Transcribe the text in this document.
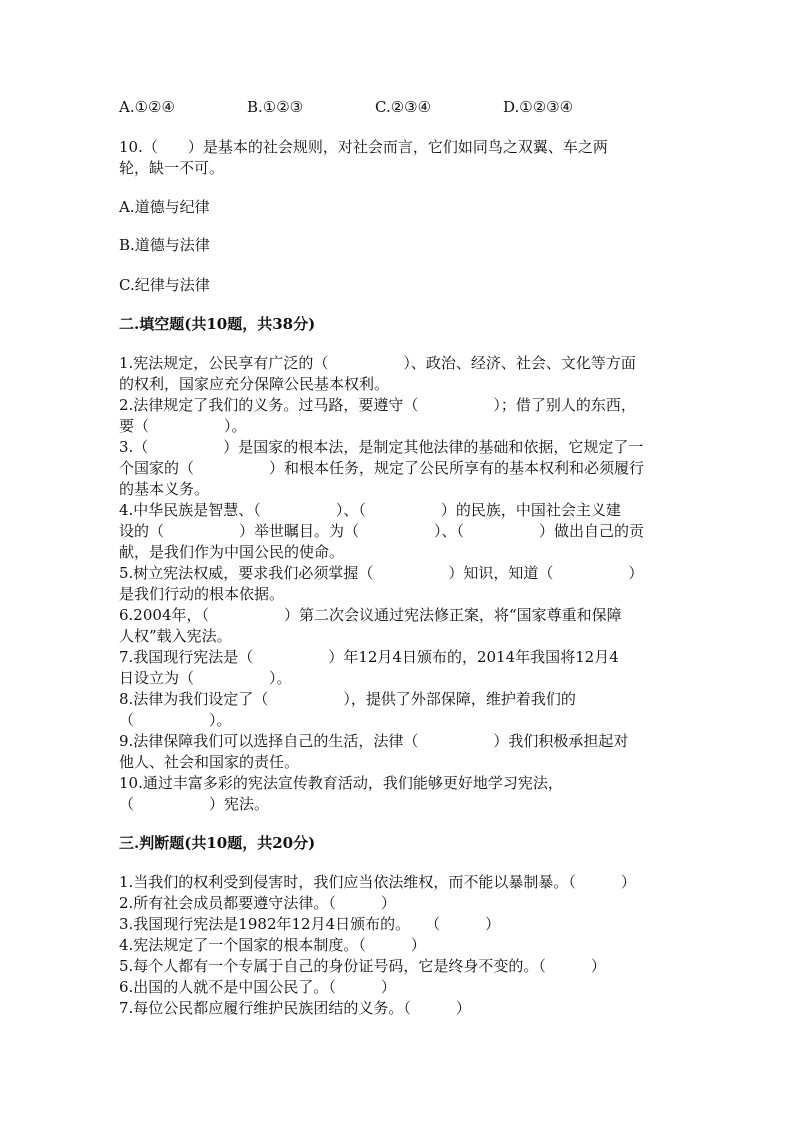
A.①②④	B.①②③	C.②③④	D.①②③④
10.（　　）是基本的社会规则，对社会而言，它们如同鸟之双翼、车之两
轮，缺一不可。
A.道德与纪律
B.道德与法律
C.纪律与法律
二.填空题(共10题，共38分)
1.宪法规定，公民享有广泛的（　　　　　）、政治、经济、社会、文化等方面
的权利，国家应充分保障公民基本权利。
2.法律规定了我们的义务。过马路，要遵守（　　　　　）；借了别人的东西，
要（　　　　　）。
3.（　　　　　）是国家的根本法，是制定其他法律的基础和依据，它规定了一
个国家的（　　　　　）和根本任务，规定了公民所享有的基本权利和必须履行
的基本义务。
4.中华民族是智慧、（　　　　　）、（　　　　　）的民族，中国社会主义建
设的（　　　　　）举世瞩目。为（　　　　　）、（　　　　　）做出自己的贡
献，是我们作为中国公民的使命。
5.树立宪法权威，要求我们必须掌握（　　　　　）知识，知道（　　　　　）
是我们行动的根本依据。
6.2004年，（　　　　　）第二次会议通过宪法修正案，将“国家尊重和保障
人权”载入宪法。
7.我国现行宪法是（　　　　　）年12月4日颁布的，2014年我国将12月4
日设立为（　　　　　）。
8.法律为我们设定了（　　　　　），提供了外部保障，维护着我们的
（　　　　　）。
9.法律保障我们可以选择自己的生活，法律（　　　　　）我们积极承担起对
他人、社会和国家的责任。
10.通过丰富多彩的宪法宣传教育活动，我们能够更好地学习宪法，
（　　　　　）宪法。
三.判断题(共10题，共20分)
1.当我们的权利受到侵害时，我们应当依法维权，而不能以暴制暴。（　　　）
2.所有社会成员都要遵守法律。（　　　）
3.我国现行宪法是1982年12月4日颁布的。　　（　　　）
4.宪法规定了一个国家的根本制度。（　　　）
5.每个人都有一个专属于自己的身份证号码，它是终身不变的。（　　　）
6.出国的人就不是中国公民了。（　　　）
7.每位公民都应履行维护民族团结的义务。（　　　）
